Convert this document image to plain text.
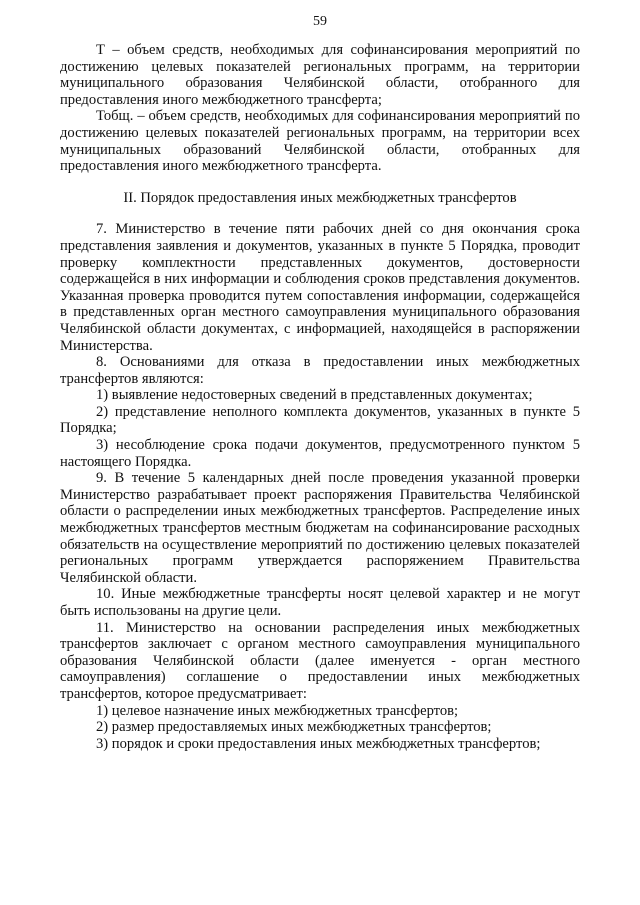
59

Т – объем средств, необходимых для софинансирования мероприятий по достижению целевых показателей региональных программ, на территории муниципального образования Челябинской области, отобранного для предоставления иного межбюджетного трансферта;

Тобщ. – объем средств, необходимых для софинансирования мероприятий по достижению целевых показателей региональных программ, на территории всех муниципальных образований Челябинской области, отобранных для предоставления иного межбюджетного трансферта.

II. Порядок предоставления иных межбюджетных трансфертов

7. Министерство в течение пяти рабочих дней со дня окончания срока представления заявления и документов, указанных в пункте 5 Порядка, проводит проверку комплектности представленных документов, достоверности содержащейся в них информации и соблюдения сроков представления документов. Указанная проверка проводится путем сопоставления информации, содержащейся в представленных орган местного самоуправления муниципального образования Челябинской области документах, с информацией, находящейся в распоряжении Министерства.

8. Основаниями для отказа в предоставлении иных межбюджетных трансфертов являются:

1) выявление недостоверных сведений в представленных документах;

2) представление неполного комплекта документов, указанных в пункте 5 Порядка;

3) несоблюдение срока подачи документов, предусмотренного пунктом 5 настоящего Порядка.

9. В течение 5 календарных дней после проведения указанной проверки Министерство разрабатывает проект распоряжения Правительства Челябинской области о распределении иных межбюджетных трансфертов. Распределение иных межбюджетных трансфертов местным бюджетам на софинансирование расходных обязательств на осуществление мероприятий по достижению целевых показателей региональных программ утверждается распоряжением Правительства Челябинской области.

10. Иные межбюджетные трансферты носят целевой характер и не могут быть использованы на другие цели.

11. Министерство на основании распределения иных межбюджетных трансфертов заключает с органом местного самоуправления муниципального образования Челябинской области (далее именуется - орган местного самоуправления) соглашение о предоставлении иных межбюджетных трансфертов, которое предусматривает:

1) целевое назначение иных межбюджетных трансфертов;

2) размер предоставляемых иных межбюджетных трансфертов;

3) порядок и сроки предоставления иных межбюджетных трансфертов;
